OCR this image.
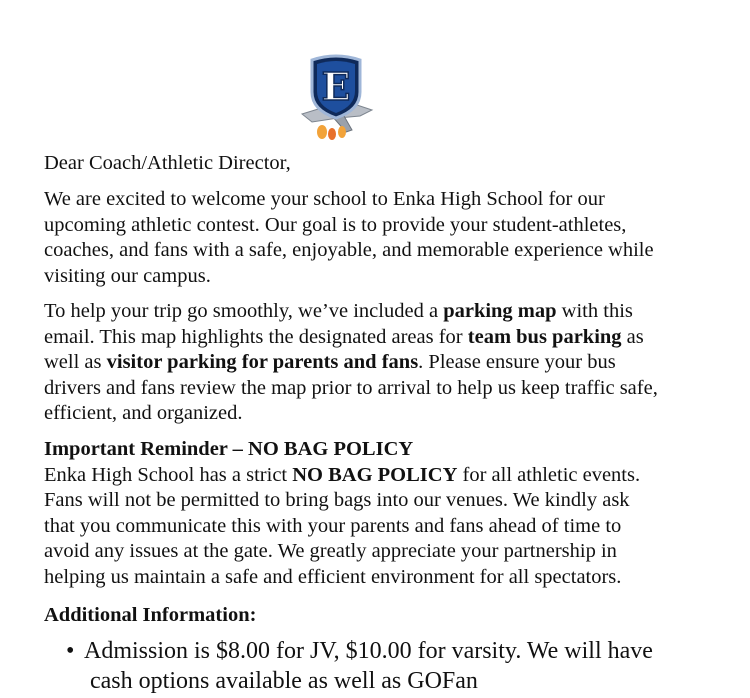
E
Dear Coach/Athletic Director,
We are excited to welcome your school to Enka High School for our
upcoming athletic contest. Our goal is to provide your student-athletes,
coaches, and fans with a safe, enjoyable, and memorable experience while
visiting our campus.
To help your trip go smoothly, we’ve included a parking map with this
email. This map highlights the designated areas for team bus parking as
well as visitor parking for parents and fans. Please ensure your bus
drivers and fans review the map prior to arrival to help us keep traffic safe,
efficient, and organized.
Important Reminder – NO BAG POLICY
Enka High School has a strict NO BAG POLICY for all athletic events.
Fans will not be permitted to bring bags into our venues. We kindly ask
that you communicate this with your parents and fans ahead of time to
avoid any issues at the gate. We greatly appreciate your partnership in
helping us maintain a safe and efficient environment for all spectators.
Additional Information:
• Admission is $8.00 for JV, $10.00 for varsity. We will have
cash options available as well as GOFan
